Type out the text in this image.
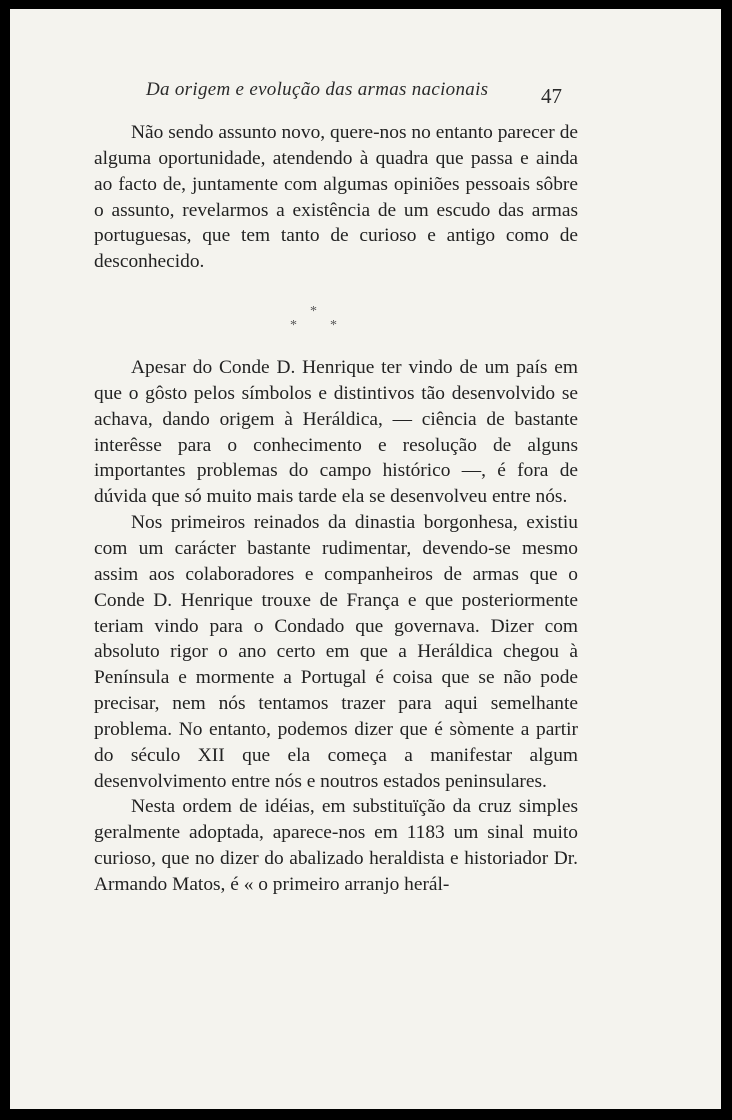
Da origem e evolução das armas nacionais	47

Não sendo assunto novo, quere-nos no entanto parecer de alguma oportunidade, atendendo à quadra que passa e ainda ao facto de, juntamente com algumas opiniões pessoais sôbre o assunto, revelarmos a existência de um escudo das armas portuguesas, que tem tanto de curioso e antigo como de desconhecido.

*
* *

Apesar do Conde D. Henrique ter vindo de um país em que o gôsto pelos símbolos e distintivos tão desenvolvido se achava, dando origem à Heráldica, — ciência de bastante interêsse para o conhecimento e resolução de alguns importantes problemas do campo histórico —, é fora de dúvida que só muito mais tarde ela se desenvolveu entre nós.

Nos primeiros reinados da dinastia borgonhesa, existiu com um carácter bastante rudimentar, devendo-se mesmo assim aos colaboradores e companheiros de armas que o Conde D. Henrique trouxe de França e que posteriormente teriam vindo para o Condado que governava. Dizer com absoluto rigor o ano certo em que a Heráldica chegou à Península e mormente a Portugal é coisa que se não pode precisar, nem nós tentamos trazer para aqui semelhante problema. No entanto, podemos dizer que é sòmente a partir do século XII que ela começa a manifestar algum desenvolvimento entre nós e noutros estados peninsulares.

Nesta ordem de idéias, em substituïção da cruz simples geralmente adoptada, aparece-nos em 1183 um sinal muito curioso, que no dizer do abalizado heraldista e historiador Dr. Armando Matos, é « o primeiro arranjo herál-
